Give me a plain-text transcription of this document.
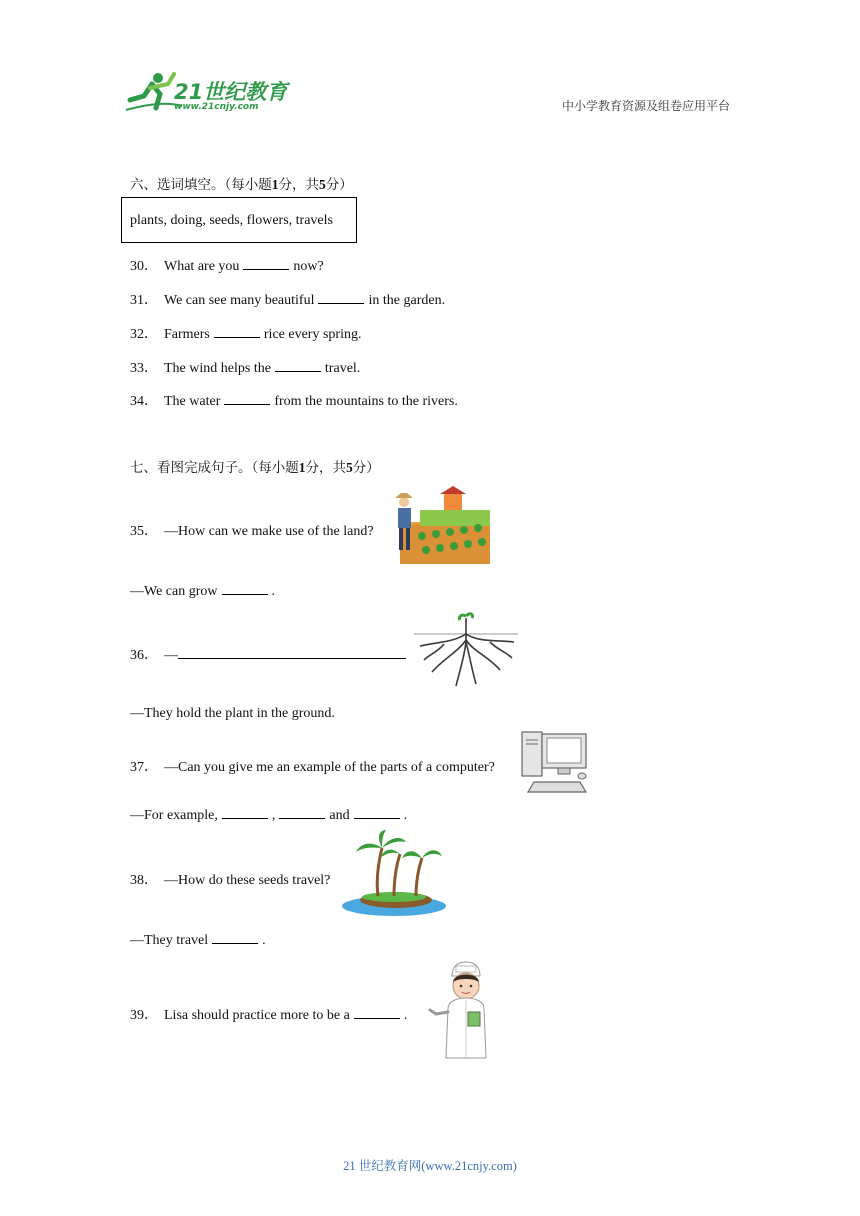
21世纪教育
www.21cnjy.com	中小学教育资源及组卷应用平台
六、选词填空。（每小题1分，共5分）
plants, doing, seeds, flowers, travels
30． What are you	now?
31． We can see many beautiful	in the garden.
32． Farmers	rice every spring.
33． The wind helps the	travel.
34． The water	from the mountains to the rivers.
七、看图完成句子。（每小题1分，共5分）
35． —How can we make use of the land?
—We can grow	.
36． —
—They hold the plant in the ground.
37． —Can you give me an example of the parts of a computer?
—For example,	,	and	.
38． —How do these seeds travel?
—They travel	.
39． Lisa should practice more to be a	.
21 世纪教育网(www.21cnjy.com)
